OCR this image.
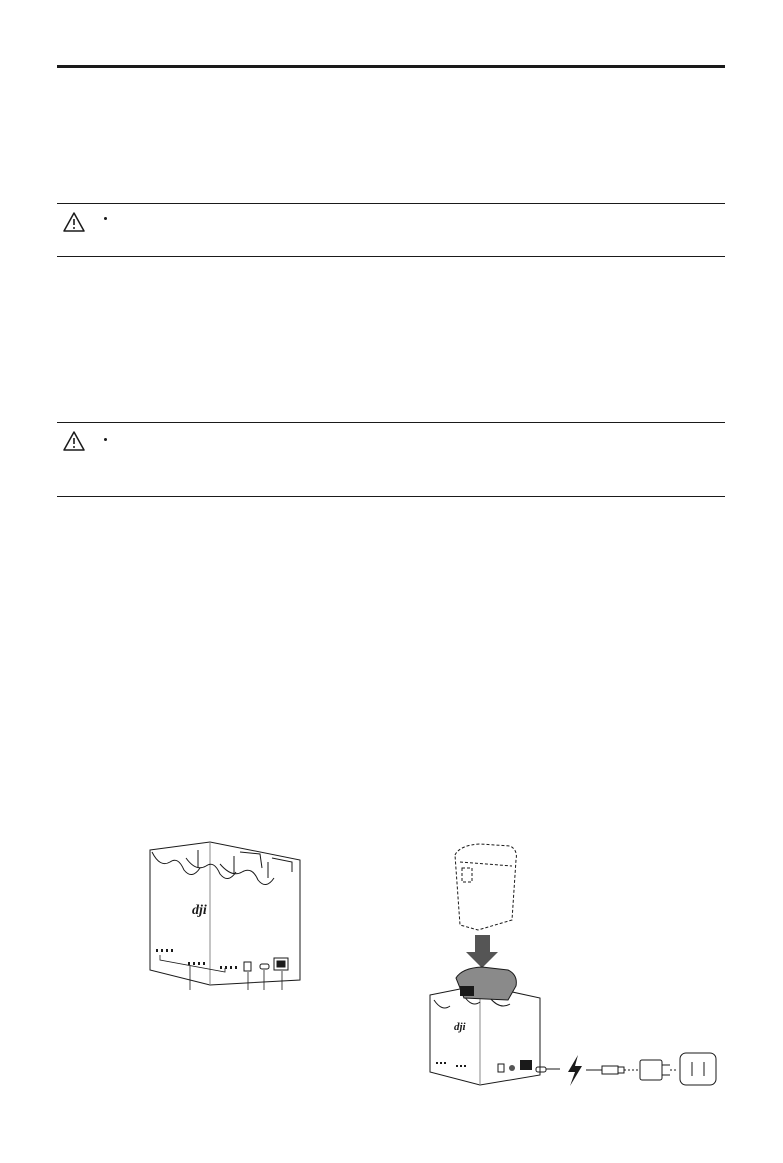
dji
dji
